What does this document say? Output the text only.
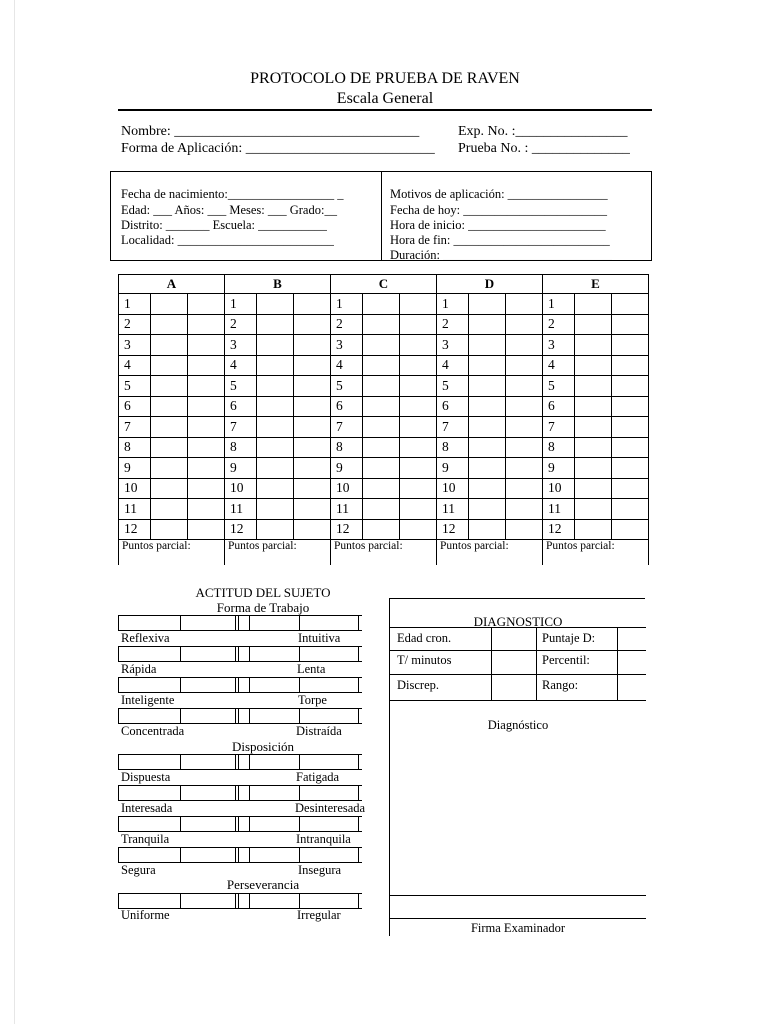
PROTOCOLO DE PRUEBA DE RAVEN
Escala General
Nombre: ___________________________________	Exp. No. :________________
Forma de Aplicación: ___________________________ Prueba No. : ______________
Fecha de nacimiento:_________________ _
Edad: ___ Años: ___ Meses: ___ Grado:__
Distrito: _______ Escuela: ___________
Localidad: _________________________
Motivos de aplicación: ________________
Fecha de hoy: _______________________
Hora de inicio: ______________________
Hora de fin: _________________________
Duración: ___________________________
A			B			C			D			E		
1			1			1			1			1		
2			2			2			2			2		
3			3			3			3			3		
4			4			4			4			4		
5			5			5			5			5		
6			6			6			6			6		
7			7			7			7			7		
8			8			8			8			8		
9			9			9			9			9		
10			10			10			10			10		
11			11			11			11			11		
12			12			12			12			12		
Puntos parcial:			Puntos parcial:			Puntos parcial:			Puntos parcial:			Puntos parcial:		
ACTITUD DEL SUJETO
Forma de Trabajo
Disposición
Perseverancia
DIAGNOSTICO
Edad cron.	Puntaje D:
T/ minutos	Percentil:
Discrep.	Rango:
Diagnóstico
Firma Examinador
Reflexiva	Intuitiva
Rápida	Lenta
Inteligente	Torpe
Concentrada	Distraída
Dispuesta	Fatigada
Interesada	Desinteresada
Tranquila	Intranquila
Segura	Insegura
Uniforme	Irregular
